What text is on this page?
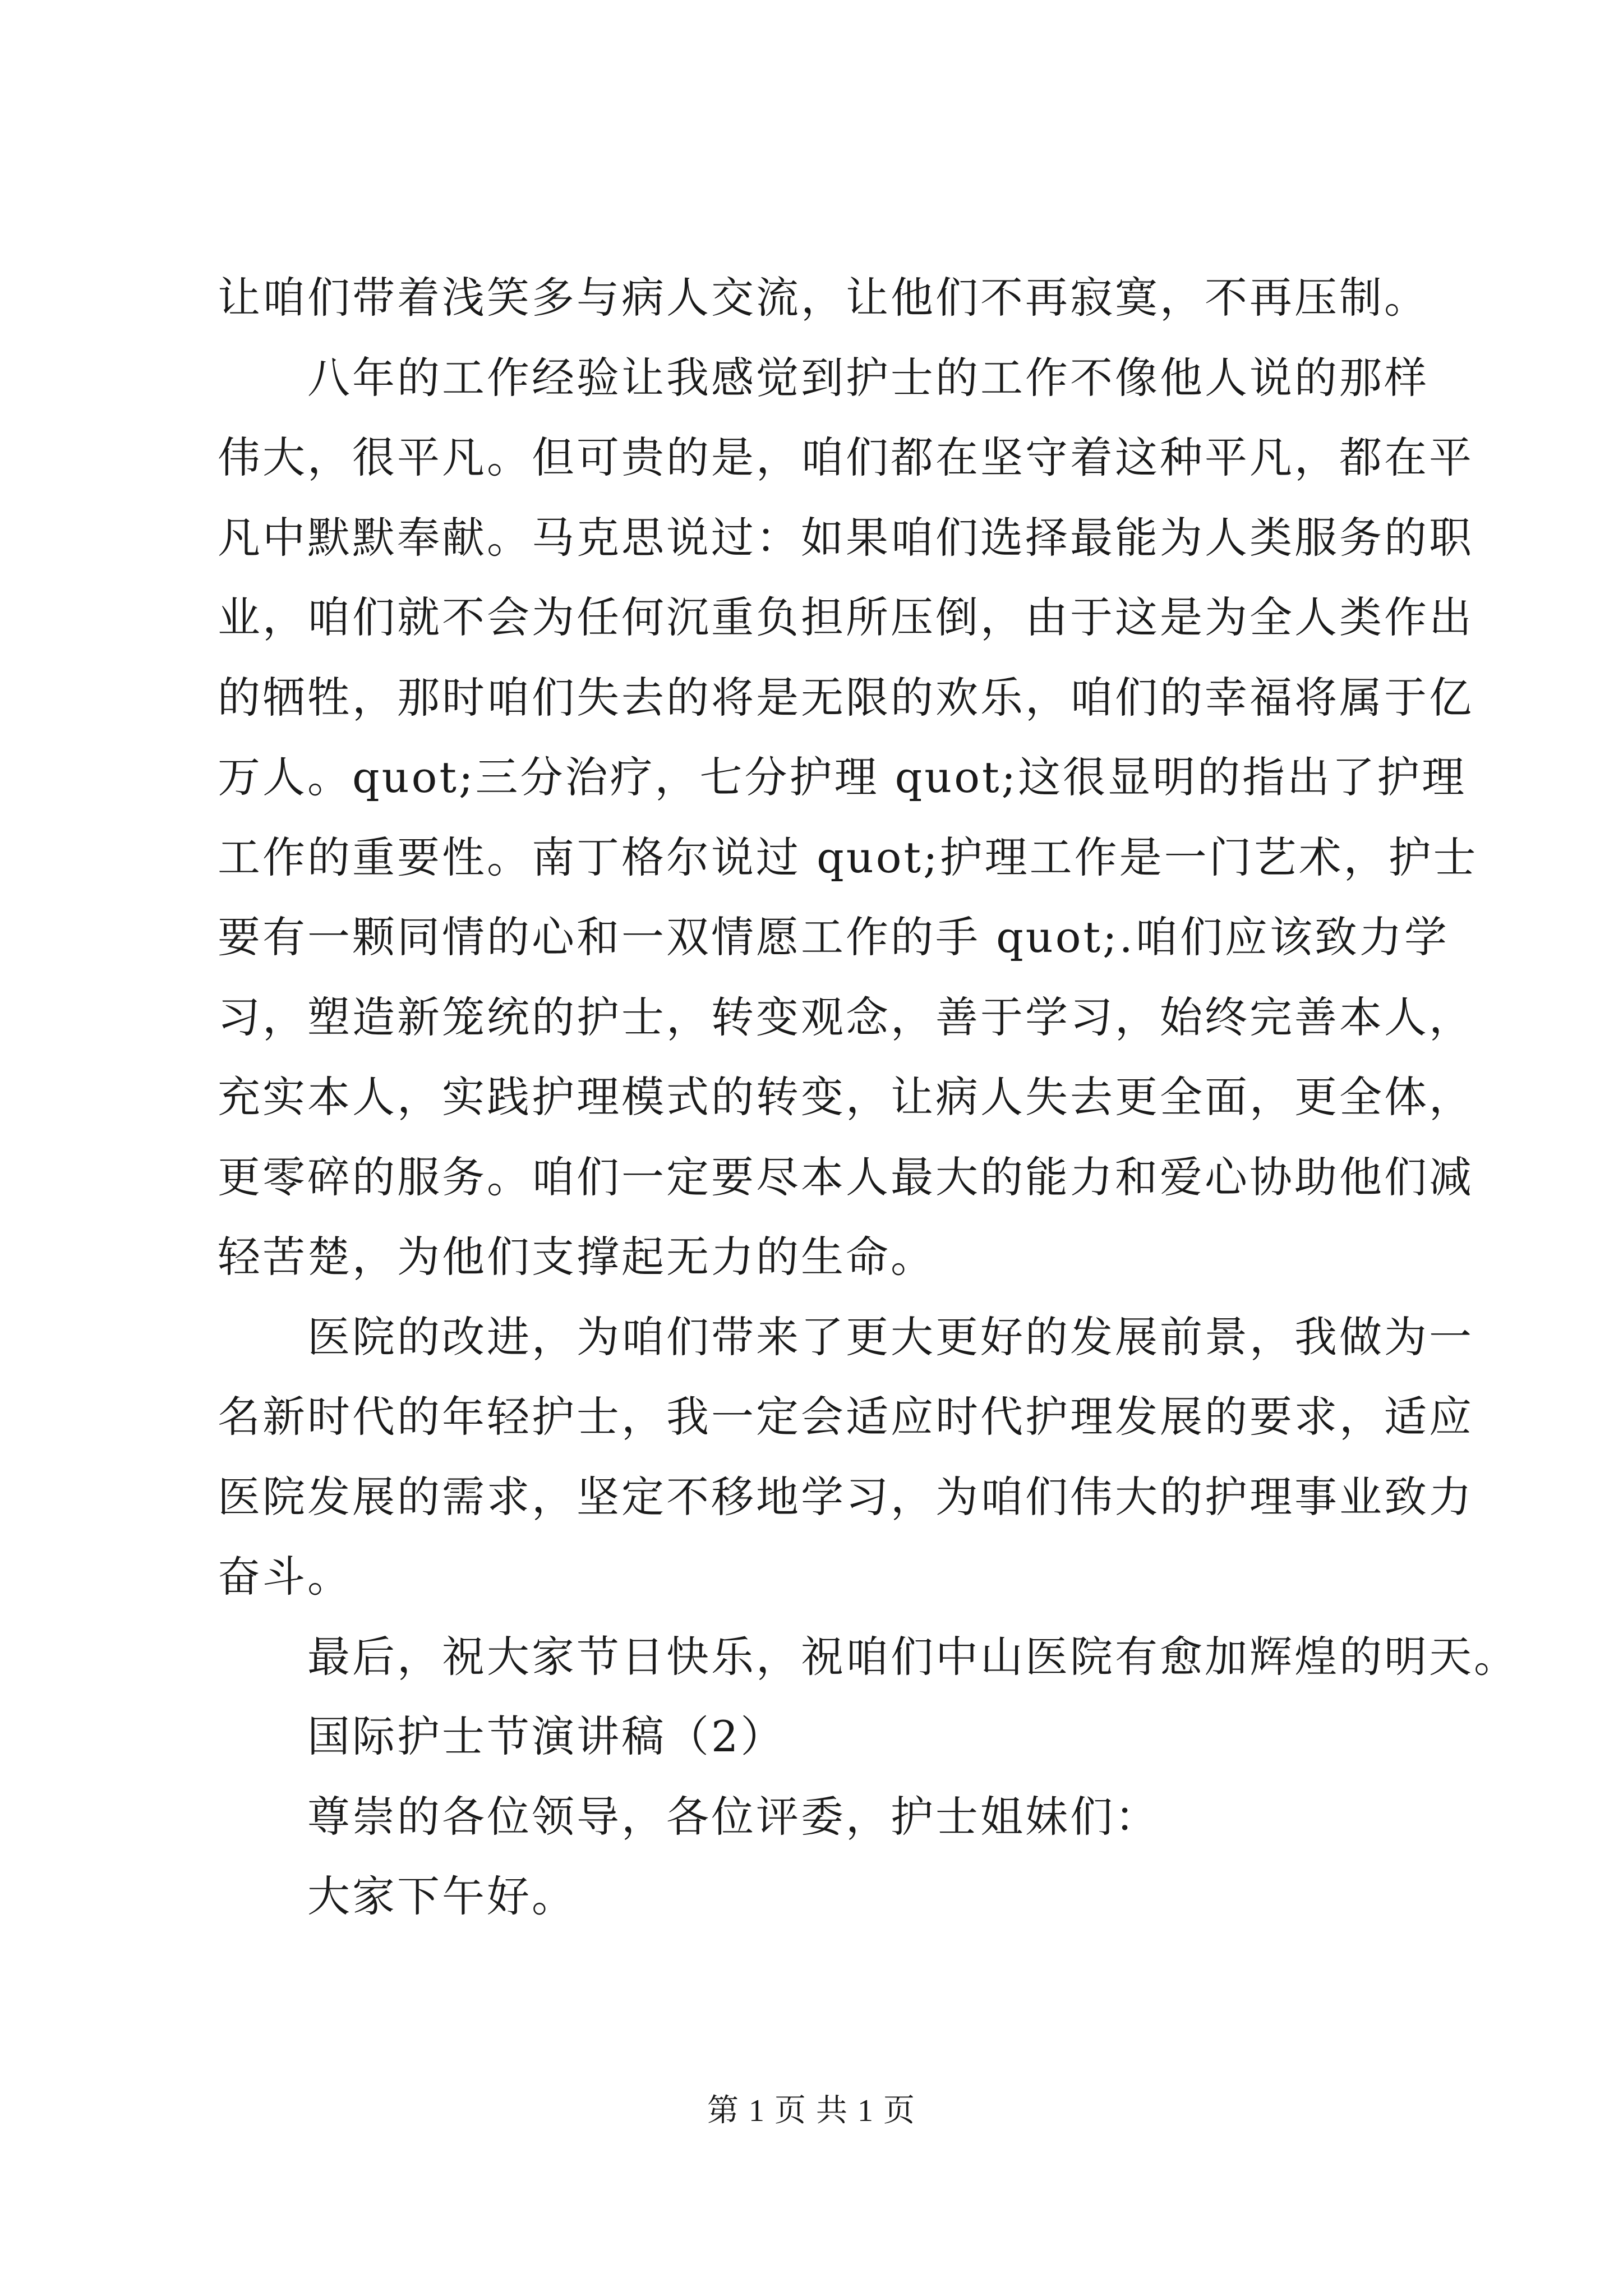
让咱们带着浅笑多与病人交流，让他们不再寂寞，不再压制。
八年的工作经验让我感觉到护士的工作不像他人说的那样
伟大，很平凡。但可贵的是，咱们都在坚守着这种平凡，都在平
凡中默默奉献。马克思说过：如果咱们选择最能为人类服务的职
业，咱们就不会为任何沉重负担所压倒，由于这是为全人类作出
的牺牲，那时咱们失去的将是无限的欢乐，咱们的幸福将属于亿
万人。quot;三分治疗，七分护理 quot;这很显明的指出了护理
工作的重要性。南丁格尔说过 quot;护理工作是一门艺术，护士
要有一颗同情的心和一双情愿工作的手 quot;.咱们应该致力学
习，塑造新笼统的护士，转变观念，善于学习，始终完善本人，
充实本人，实践护理模式的转变，让病人失去更全面，更全体，
更零碎的服务。咱们一定要尽本人最大的能力和爱心协助他们减
轻苦楚，为他们支撑起无力的生命。
医院的改进，为咱们带来了更大更好的发展前景，我做为一
名新时代的年轻护士，我一定会适应时代护理发展的要求，适应
医院发展的需求，坚定不移地学习，为咱们伟大的护理事业致力
奋斗。
最后，祝大家节日快乐，祝咱们中山医院有愈加辉煌的明天。
国际护士节演讲稿（2）
尊崇的各位领导，各位评委，护士姐妹们：
大家下午好。
第 1 页 共 1 页
